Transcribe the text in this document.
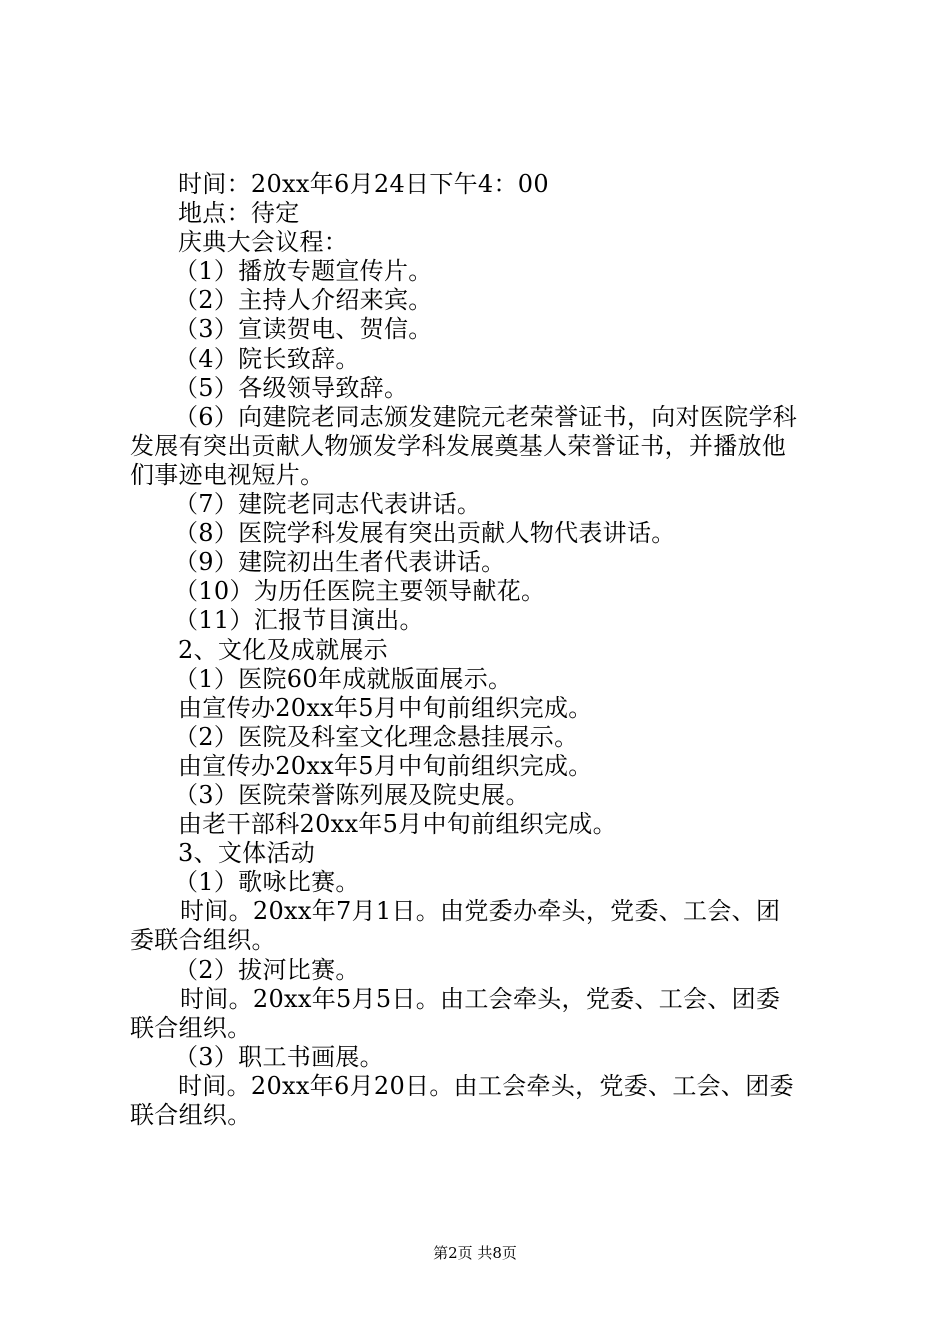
时间：20xx年6月24日下午4：00
地点：待定
庆典大会议程：
（1）播放专题宣传片。
（2）主持人介绍来宾。
（3）宣读贺电、贺信。
（4）院长致辞。
（5）各级领导致辞。
（6）向建院老同志颁发建院元老荣誉证书，向对医院学科
发展有突出贡献人物颁发学科发展奠基人荣誉证书，并播放他
们事迹电视短片。
（7）建院老同志代表讲话。
（8）医院学科发展有突出贡献人物代表讲话。
（9）建院初出生者代表讲话。
（10）为历任医院主要领导献花。
（11）汇报节目演出。
2、文化及成就展示
（1）医院60年成就版面展示。
由宣传办20xx年5月中旬前组织完成。
（2）医院及科室文化理念悬挂展示。
由宣传办20xx年5月中旬前组织完成。
（3）医院荣誉陈列展及院史展。
由老干部科20xx年5月中旬前组织完成。
3、文体活动
（1）歌咏比赛。
时间。20xx年7月1日。由党委办牵头，党委、工会、团
委联合组织。
（2）拔河比赛。
时间。20xx年5月5日。由工会牵头，党委、工会、团委
联合组织。
（3）职工书画展。
时间。20xx年6月20日。由工会牵头，党委、工会、团委
联合组织。
第2页 共8页
